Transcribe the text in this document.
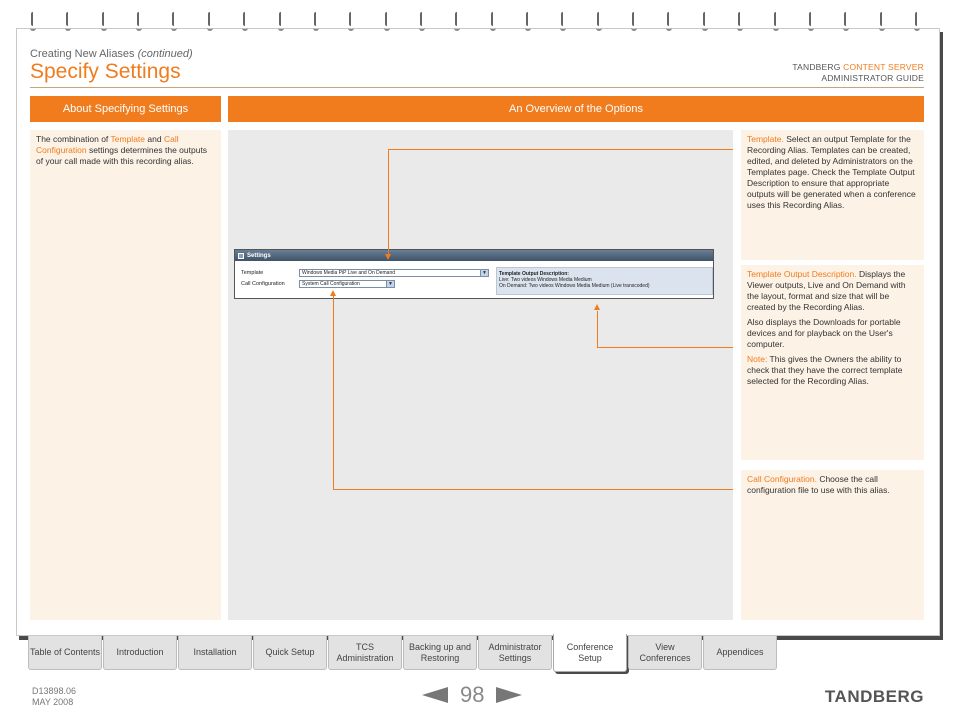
Creating New Aliases (continued)
Specify Settings	TANDBERG CONTENT SERVER
ADMINISTRATOR GUIDE
About Specifying Settings	An Overview of the Options
The combination of Template and Call Configuration settings determines the outputs of your call made with this recording alias.
Settings
Template	Windows Media PiP Live and On Demand	▼
Call Configuration	System Call Configuration	▼
Template Output Description:
Live: Two videos Windows Media Medium
On Demand: Two videos Windows Media Medium (Live transcoded)

Template. Select an output Template for the Recording Alias. Templates can be created, edited, and deleted by Administrators on the Templates page. Check the Template Output Description to ensure that appropriate outputs will be generated when a conference uses this Recording Alias.

Template Output Description. Displays the Viewer outputs, Live and On Demand with the layout, format and size that will be created by the Recording Alias.

Also displays the Downloads for portable devices and for playback on the User's computer.

Note: This gives the Owners the ability to check that they have the correct template selected for the Recording Alias.

Call Configuration. Choose the call configuration file to use with this alias.

Table of Contents	Introduction	Installation	Quick Setup
TCS Administration
Backing up and Restoring
Administrator Settings
Conference Setup
View Conferences
Appendices
D13898.06
MAY 2008	98	TANDBERG
